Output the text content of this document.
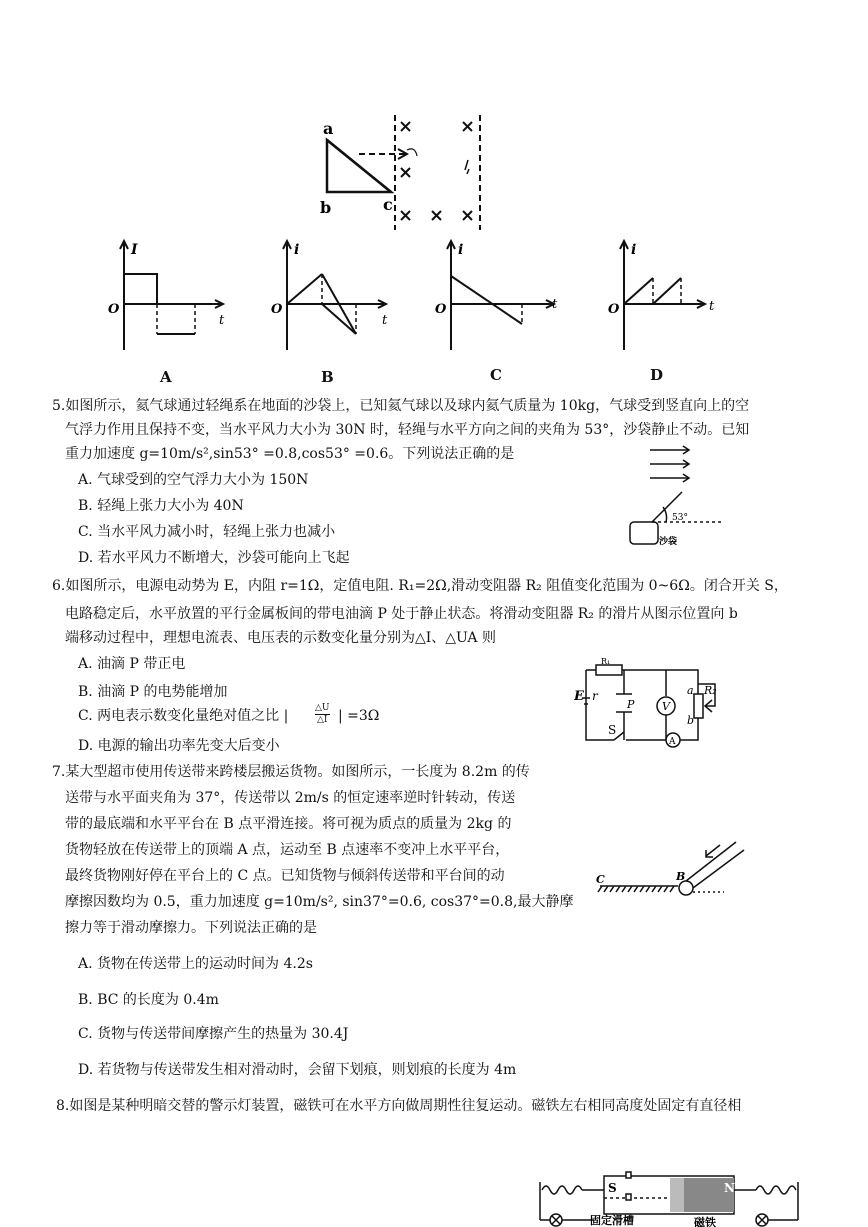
a
b	c
I
O
t
A
i
O
t
B
i
O	t
C
i
O	t
D
5.如图所示，氦气球通过轻绳系在地面的沙袋上，已知氦气球以及球内氦气质量为 10kg，气球受到竖直向上的空
气浮力作用且保持不变，当水平风力大小为 30N 时，轻绳与水平方向之间的夹角为 53°，沙袋静止不动。已知
重力加速度 g=10m/s²,sin53° =0.8,cos53° =0.6。下列说法正确的是
A. 气球受到的空气浮力大小为 150N
B. 轻绳上张力大小为 40N
C. 当水平风力减小时，轻绳上张力也减小
D. 若水平风力不断增大，沙袋可能向上飞起
53°
沙袋
6.如图所示，电源电动势为 E，内阻 r=1Ω，定值电阻. R₁=2Ω,滑动变阻器 R₂ 阻值变化范围为 0~6Ω。闭合开关 S，
电路稳定后，水平放置的平行金属板间的带电油滴 P 处于静止状态。将滑动变阻器 R₂ 的滑片从图示位置向 b
端移动过程中，理想电流表、电压表的示数变化量分别为△I、△UA 则
A. 油滴 P 带正电
B. 油滴 P 的电势能增加
C. 两电表示数变化量绝对值之比 |	$\frac{\triangle U}{\triangle I}$ | =3Ω
D. 电源的输出功率先变大后变小
R₁
E r
P	V
A
S
a
b
R₂
7.某大型超市使用传送带来跨楼层搬运货物。如图所示，一长度为 8.2m 的传
送带与水平面夹角为 37°，传送带以 2m/s 的恒定速率逆时针转动，传送
带的最底端和水平平台在 B 点平滑连接。将可视为质点的质量为 2kg 的
货物轻放在传送带上的顶端 A 点，运动至 B 点速率不变冲上水平平台，
最终货物刚好停在平台上的 C 点。已知货物与倾斜传送带和平台间的动
摩擦因数均为 0.5，重力加速度 g=10m/s², sin37°=0.6, cos37°=0.8,最大静摩
擦力等于滑动摩擦力。下列说法正确的是
A. 货物在传送带上的运动时间为 4.2s
B. BC 的长度为 0.4m
C. 货物与传送带间摩擦产生的热量为 30.4J
D. 若货物与传送带发生相对滑动时，会留下划痕，则划痕的长度为 4m
C	B
8.如图是某种明暗交替的警示灯装置，磁铁可在水平方向做周期性往复运动。磁铁左右相同高度处固定有直径相
S	N
固定滑槽	磁铁
